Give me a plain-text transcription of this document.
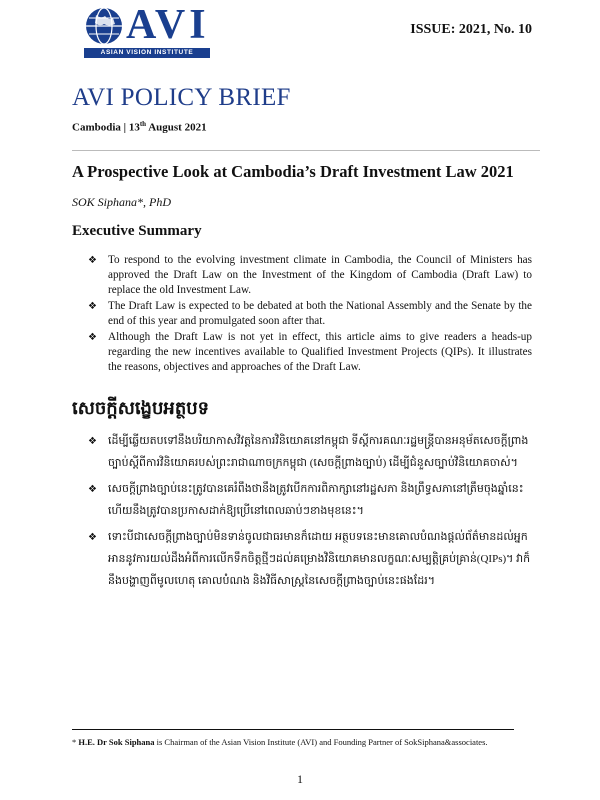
AVI
ASIAN VISION INSTITUTE
ISSUE: 2021, No. 10
AVI POLICY BRIEF
Cambodia | 13th August 2021
A Prospective Look at Cambodia’s Draft Investment Law 2021
SOK Siphana*, PhD
Executive Summary
❖ To respond to the evolving investment climate in Cambodia, the Council of Ministers has approved the Draft Law on the Investment of the Kingdom of Cambodia (Draft Law) to replace the old Investment Law.
❖ The Draft Law is expected to be debated at both the National Assembly and the Senate by the end of this year and promulgated soon after that.
❖ Although the Draft Law is not yet in effect, this article aims to give readers a heads-up regarding the new incentives available to Qualified Investment Projects (QIPs). It illustrates the reasons, objectives and approaches of the Draft Law.
សេចក្តីសង្ខេបអត្ថបទ
❖ ដើម្បីឆ្លើយតបទៅនឹងបរិយាកាសវិវត្តនៃការវិនិយោគនៅកម្ពុជា ទីស្តីការគណៈរដ្ឋមន្ត្រីបានអនុម័តសេចក្តីព្រាងច្បាប់ស្តីពីការវិនិយោគរបស់ព្រះរាជាណាចក្រកម្ពុជា (សេចក្តីព្រាងច្បាប់) ដើម្បីជំនួសច្បាប់វិនិយោគចាស់។
❖ សេចក្តីព្រាងច្បាប់នេះត្រូវបានគេរំពឹងថានឹងត្រូវបើកការពិភាក្សានៅរដ្ឋសភា និងព្រឹទ្ធសភានៅត្រឹមចុងឆ្នាំនេះ ហើយនឹងត្រូវបានប្រកាសដាក់ឱ្យប្រើនៅពេលឆាប់ៗខាងមុខនេះ។
❖ ទោះបីជាសេចក្តីព្រាងច្បាប់មិនទាន់ចូលជាធរមានក៏ដោយ អត្ថបទនេះមានគោលបំណងផ្តល់ព័ត៌មានដល់អ្នកអាននូវការយល់ដឹងអំពីការលើកទឹកចិត្តថ្មីៗដល់គម្រោងវិនិយោគមានលក្ខណៈសម្បត្តិគ្រប់គ្រាន់(QIPs)។ វាក៏នឹងបង្ហាញពីមូលហេតុ គោលបំណង និងវិធីសាស្ត្រនៃសេចក្តីព្រាងច្បាប់នេះផងដែរ។
* H.E. Dr Sok Siphana is Chairman of the Asian Vision Institute (AVI) and Founding Partner of SokSiphana&associates.
1
